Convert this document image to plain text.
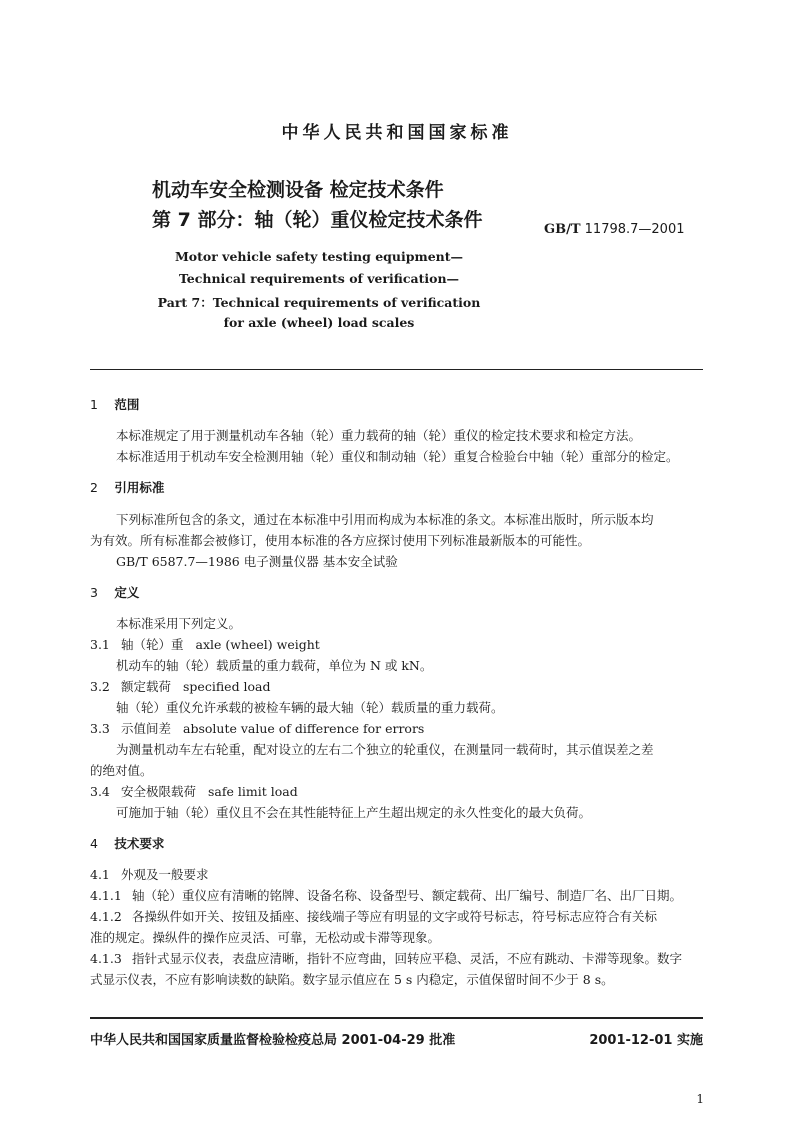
中华人民共和国国家标准
机动车安全检测设备 检定技术条件
第 7 部分：轴（轮）重仪检定技术条件	GB/T 11798.7—2001
Motor vehicle safety testing equipment—
Technical requirements of verification—
Part 7：Technical requirements of verification
for axle (wheel) load scales
1 范围
本标准规定了用于测量机动车各轴（轮）重力载荷的轴（轮）重仪的检定技术要求和检定方法。
本标准适用于机动车安全检测用轴（轮）重仪和制动轴（轮）重复合检验台中轴（轮）重部分的检定。
2 引用标准
下列标准所包含的条文，通过在本标准中引用而构成为本标准的条文。本标准出版时，所示版本均
为有效。所有标准都会被修订，使用本标准的各方应探讨使用下列标准最新版本的可能性。
GB/T 6587.7—1986 电子测量仪器 基本安全试验
3 定义
本标准采用下列定义。
3.1 轴（轮）重 axle (wheel) weight
机动车的轴（轮）载质量的重力载荷，单位为 N 或 kN。
3.2 额定载荷 specified load
轴（轮）重仪允许承载的被检车辆的最大轴（轮）载质量的重力载荷。
3.3 示值间差 absolute value of difference for errors
为测量机动车左右轮重，配对设立的左右二个独立的轮重仪，在测量同一载荷时，其示值误差之差
的绝对值。
3.4 安全极限载荷 safe limit load
可施加于轴（轮）重仪且不会在其性能特征上产生超出规定的永久性变化的最大负荷。
4 技术要求
4.1 外观及一般要求
4.1.1 轴（轮）重仪应有清晰的铭牌、设备名称、设备型号、额定载荷、出厂编号、制造厂名、出厂日期。
4.1.2 各操纵件如开关、按钮及插座、接线端子等应有明显的文字或符号标志，符号标志应符合有关标
准的规定。操纵件的操作应灵活、可靠，无松动或卡滞等现象。
4.1.3 指针式显示仪表，表盘应清晰，指针不应弯曲，回转应平稳、灵活，不应有跳动、卡滞等现象。数字
式显示仪表，不应有影响读数的缺陷。数字显示值应在 5 s 内稳定，示值保留时间不少于 8 s。
中华人民共和国国家质量监督检验检疫总局 2001-04-29 批准	2001-12-01 实施
1
